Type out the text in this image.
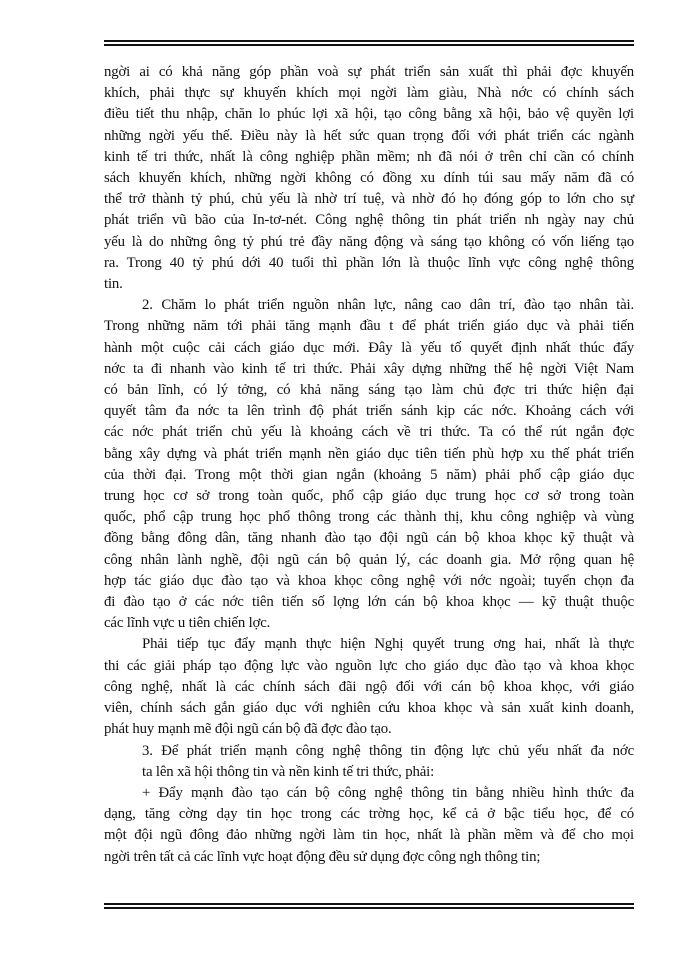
ngời ai có khả năng góp phần voà sự phát triển sản xuất thì phải đợc khuyến
khích, phải thực sự khuyến khích mọi ngời làm giàu, Nhà nớc có chính sách
điều tiết thu nhập, chăn lo phúc lợi xã hội, tạo công bằng xã hội, bảo vệ quyền lợi
những ngời yếu thế. Điều này là hết sức quan trọng đối với phát triển các ngành
kinh tế tri thức, nhất là công nghiệp phần mềm; nh đã nói ở trên chỉ cần có chính
sách khuyến khích, những ngời không có đồng xu dính túi sau mấy năm đã có
thể trở thành tỷ phú, chủ yếu là nhờ trí tuệ, và nhờ đó họ đóng góp to lớn cho sự
phát triển vũ bão của In-tơ-nét. Công nghệ thông tin phát triển nh ngày nay chủ
yếu là do những ông tỷ phú trẻ đầy năng động và sáng tạo không có vốn liếng tạo
ra. Trong 40 tỷ phú dới 40 tuổi thì phần lớn là thuộc lĩnh vực công nghệ thông
tin.
2. Chăm lo phát triển nguồn nhân lực, nâng cao dân trí, đào tạo nhân tài.
Trong những năm tới phải tăng mạnh đầu t để phát triển giáo dục và phải tiến
hành một cuộc cải cách giáo dục mới. Đây là yếu tố quyết định nhất thúc đẩy
nớc ta đi nhanh vào kinh tế tri thức. Phải xây dựng những thế hệ ngời Việt Nam
có bản lĩnh, có lý tởng, có khả năng sáng tạo làm chủ đợc tri thức hiện đại
quyết tâm đa nớc ta lên trình độ phát triển sánh kịp các nớc. Khoảng cách với
các nớc phát triển chủ yếu là khoảng cách về tri thức. Ta có thể rút ngắn đợc
bằng xây dựng và phát triển mạnh nền giáo dục tiên tiến phù hợp xu thế phát triển
của thời đại. Trong một thời gian ngắn (khoảng 5 năm) phải phổ cập giáo dục
trung học cơ sở trong toàn quốc, phổ cập giáo dục trung học cơ sở trong toàn
quốc, phổ cập trung học phổ thông trong các thành thị, khu công nghiệp và vùng
đồng bằng đông dân, tăng nhanh đào tạo đội ngũ cán bộ khoa khọc kỹ thuật và
công nhân lành nghề, đội ngũ cán bộ quản lý, các doanh gia. Mở rộng quan hệ
hợp tác giáo dục đào tạo và khoa khọc công nghệ với nớc ngoài; tuyển chọn đa
đi đào tạo ở các nớc tiên tiến số lợng lớn cán bộ khoa khọc — kỹ thuật thuộc
các lĩnh vực u tiên chiến lợc.
Phải tiếp tục đẩy mạnh thực hiện Nghị quyết trung ơng hai, nhất là thực
thi các giải pháp tạo động lực vào nguồn lực cho giáo dục đào tạo và khoa khọc
công nghệ, nhất là các chính sách đãi ngộ đối với cán bộ khoa khọc, với giáo
viên, chính sách gắn giáo dục với nghiên cứu khoa khọc và sản xuất kinh doanh,
phát huy mạnh mẽ đội ngũ cán bộ đã đợc đào tạo.
3. Để phát triển mạnh công nghệ thông tin động lực chủ yếu nhất đa nớc
ta lên xã hội thông tin và nền kinh tế tri thức, phải:
+ Đẩy mạnh đào tạo cán bộ công nghệ thông tin bằng nhiều hình thức đa
dạng, tăng cờng dạy tin học trong các trờng học, kể cả ở bậc tiểu học, để có
một đội ngũ đông đảo những ngời làm tin học, nhất là phần mềm và để cho mọi
ngời trên tất cả các lĩnh vực hoạt động đều sử dụng đợc công ngh thông tin;
